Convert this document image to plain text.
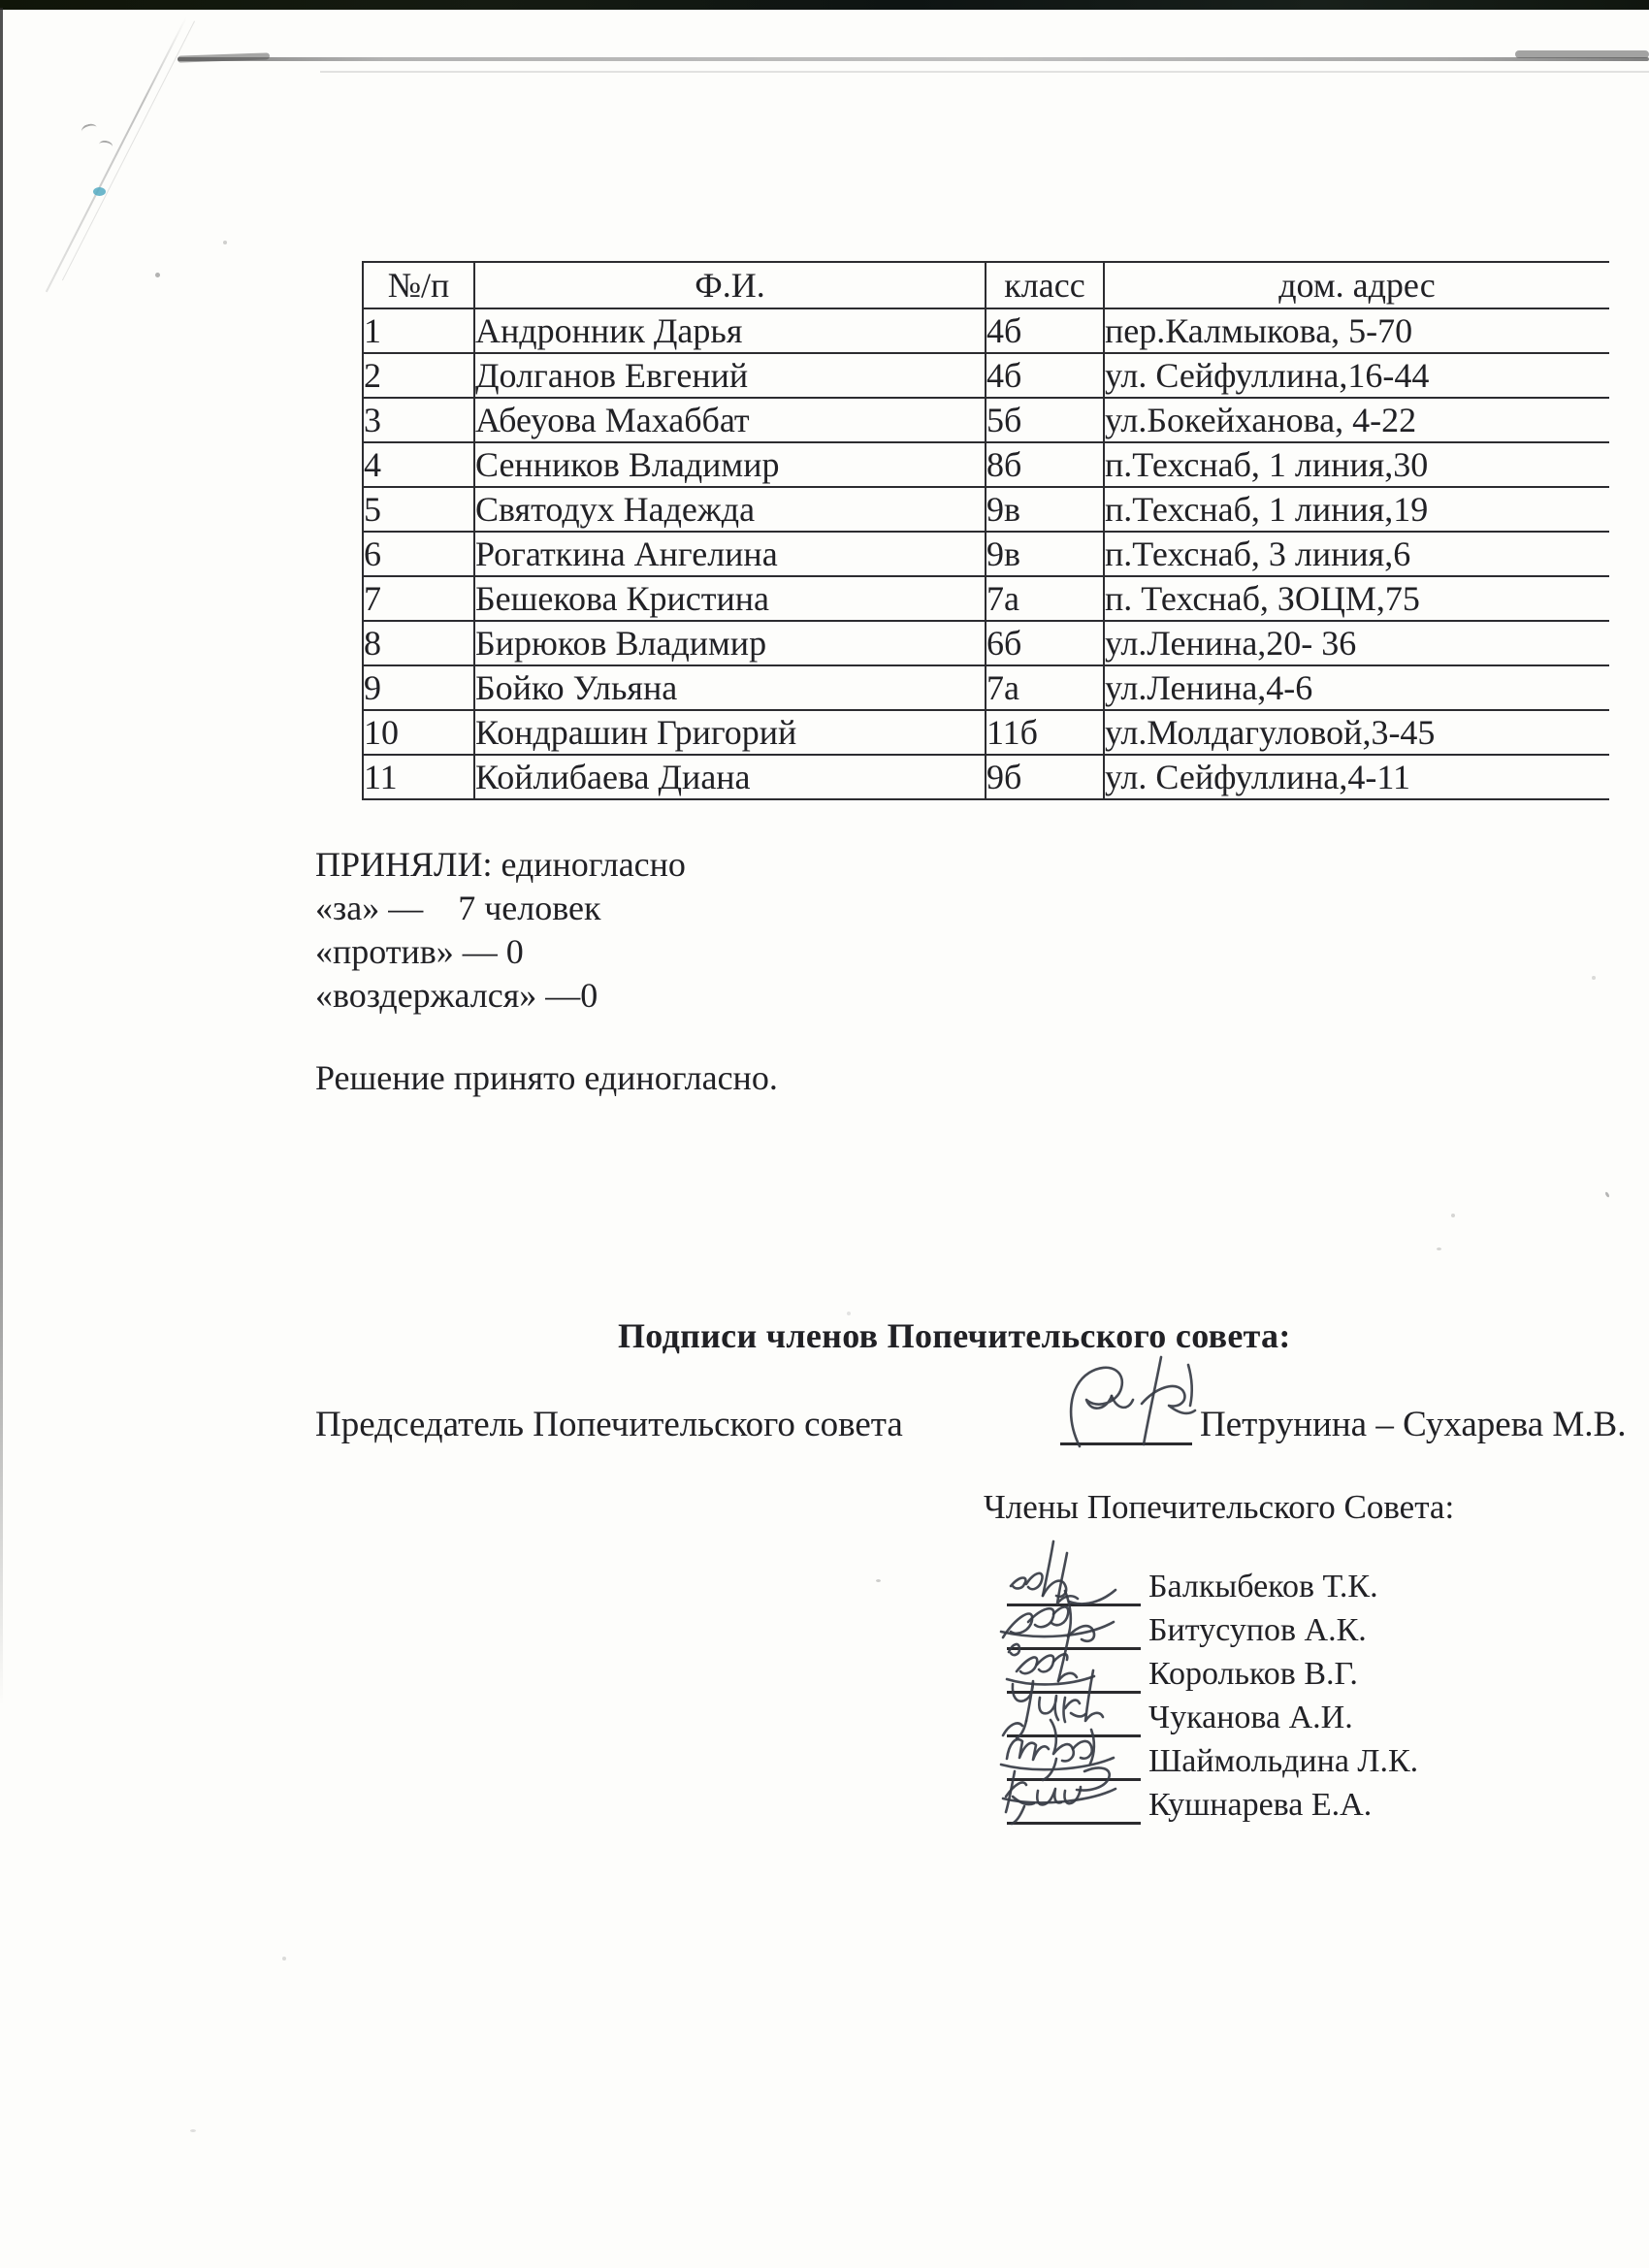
№/п	Ф.И.	класс	дом. адрес
1	Андронник Дарья	4б	пер.Калмыкова, 5-70
2	Долганов Евгений	4б	ул. Сейфуллина,16-44
3	Абеуова Махаббат	5б	ул.Бокейханова, 4-22
4	Сенников Владимир	8б	п.Техснаб, 1 линия,30
5	Святодух Надежда	9в	п.Техснаб, 1 линия,19
6	Рогаткина Ангелина	9в	п.Техснаб, 3 линия,6
7	Бешекова Кристина	7а	п. Техснаб, ЗОЦМ,75
8	Бирюков Владимир	6б	ул.Ленина,20- 36
9	Бойко Ульяна	7а	ул.Ленина,4-6
10	Кондрашин Григорий	11б	ул.Молдагуловой,3-45
11	Койлибаева Диана	9б	ул. Сейфуллина,4-11
ПРИНЯЛИ: единогласно
«за» —    7 человек
«против» — 0
«воздержался» —0
Решение принято единогласно.
Подписи членов Попечительского совета:
Председатель Попечительского совета	Петрунина – Сухарева М.В.
Члены Попечительского Совета:
Балкыбеков Т.К.
Битусупов А.К.
Корольков В.Г.
Чуканова А.И.
Шаймольдина Л.К.
Кушнарева Е.А.
